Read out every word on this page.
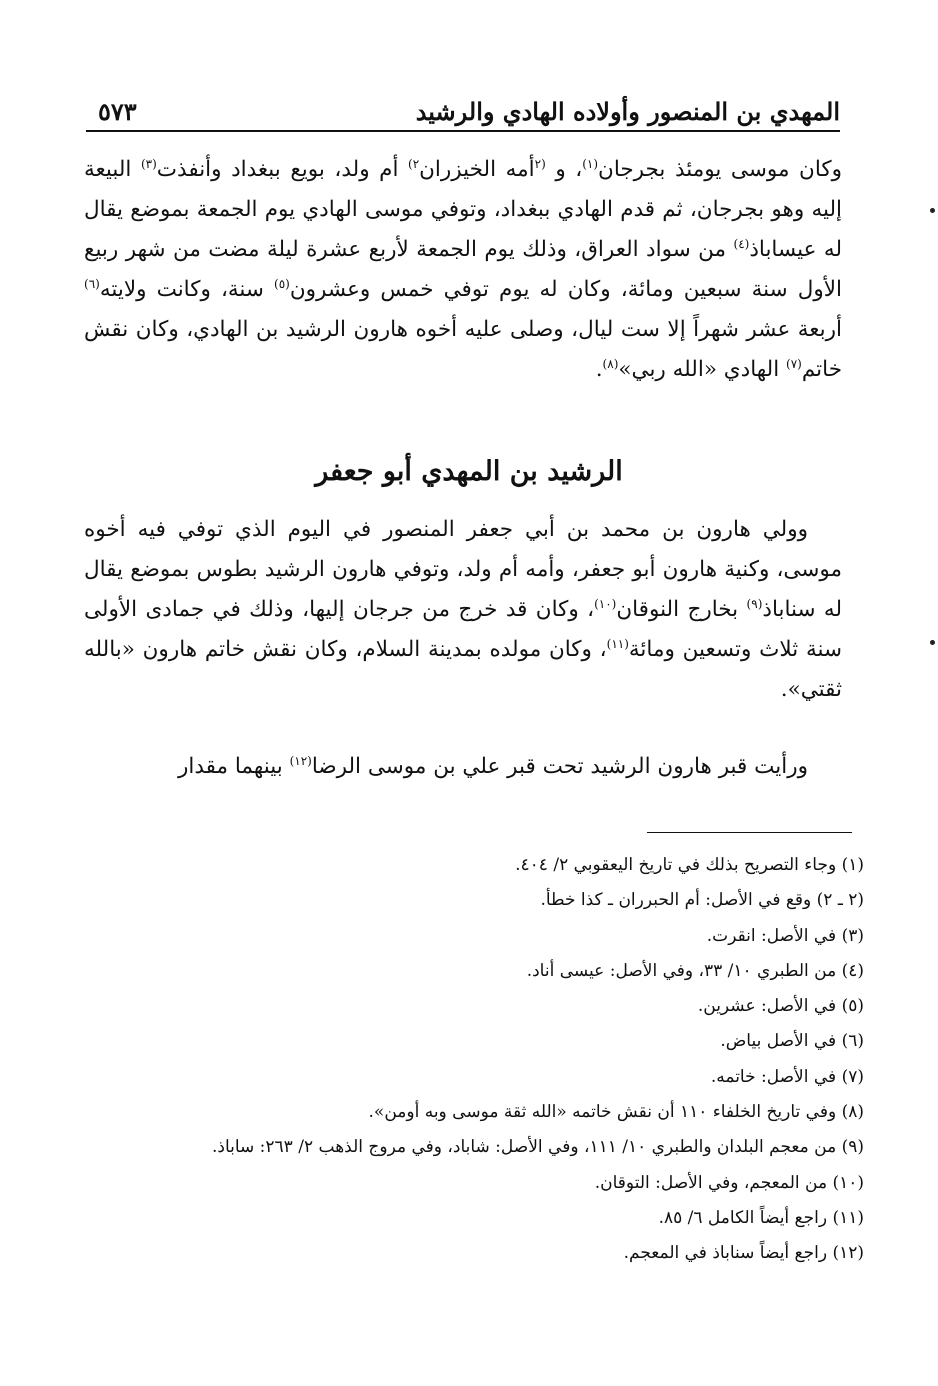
المهدي بن المنصور وأولاده الهادي والرشيد
٥٧٣

وكان موسى يومئذ بجرجان$^{(١)}$، و $^{(٢}$أمه الخيزران$^{٢)}$ أم ولد، بويع ببغداد وأنفذت$^{(٣)}$ البيعة إليه وهو بجرجان، ثم قدم الهادي ببغداد، وتوفي موسى الهادي يوم الجمعة بموضع يقال له عيساباذ$^{(٤)}$ من سواد العراق، وذلك يوم الجمعة لأربع عشرة ليلة مضت من شهر ربيع الأول سنة سبعين ومائة، وكان له يوم توفي خمس وعشرون$^{(٥)}$ سنة، وكانت ولايته$^{(٦)}$ أربعة عشر شهراً إلا ست ليال، وصلى عليه أخوه هارون الرشيد بن الهادي، وكان نقش خاتم$^{(٧)}$ الهادي «الله ربي»$^{(٨)}$.

الرشيد بن المهدي أبو جعفر

وولي هارون بن محمد بن أبي جعفر المنصور في اليوم الذي توفي فيه أخوه موسى، وكنية هارون أبو جعفر، وأمه أم ولد، وتوفي هارون الرشيد بطوس بموضع يقال له سناباذ$^{(٩)}$ بخارج النوقان$^{(١٠)}$، وكان قد خرج من جرجان إليها، وذلك في جمادى الأولى سنة ثلاث وتسعين ومائة$^{(١١)}$، وكان مولده بمدينة السلام، وكان نقش خاتم هارون «بالله ثقتي».

ورأيت قبر هارون الرشيد تحت قبر علي بن موسى الرضا$^{(١٢)}$ بينهما مقدار

(١) وجاء التصريح بذلك في تاريخ اليعقوبي ٢/ ٤٠٤.
(٢ ـ ٢) وقع في الأصل: أم الحبرران ـ كذا خطأ.
(٣) في الأصل: انقرت.
(٤) من الطبري ١٠/ ٣٣، وفي الأصل: عيسى أناد.
(٥) في الأصل: عشرين.
(٦) في الأصل بياض.
(٧) في الأصل: خاتمه.
(٨) وفي تاريخ الخلفاء ١١٠ أن نقش خاتمه «الله ثقة موسى وبه أومن».
(٩) من معجم البلدان والطبري ١٠/ ١١١، وفي الأصل: شاباد، وفي مروج الذهب ٢/ ٢٦٣: ساباذ.
(١٠) من المعجم، وفي الأصل: التوقان.
(١١) راجع أيضاً الكامل ٦/ ٨٥.
(١٢) راجع أيضاً سناباذ في المعجم.
